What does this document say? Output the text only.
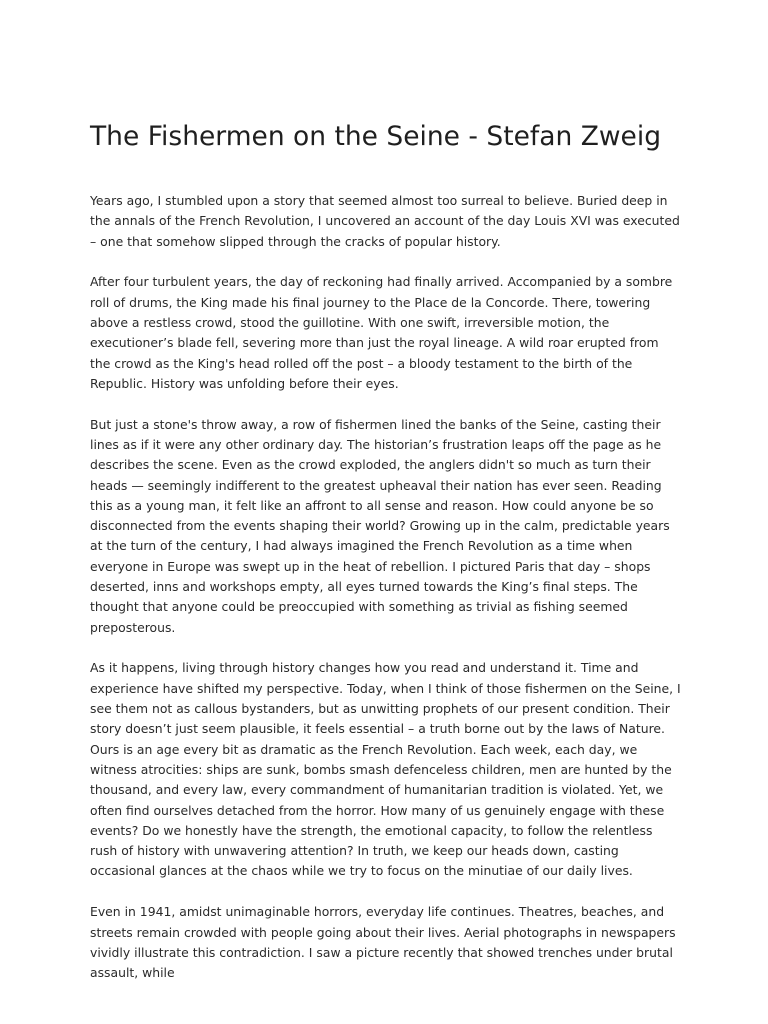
The Fishermen on the Seine - Stefan Zweig

Years ago, I stumbled upon a story that seemed almost too surreal to believe. Buried deep in the annals of the French Revolution, I uncovered an account of the day Louis XVI was executed – one that somehow slipped through the cracks of popular history.

After four turbulent years, the day of reckoning had finally arrived. Accompanied by a sombre roll of drums, the King made his final journey to the Place de la Concorde. There, towering above a restless crowd, stood the guillotine. With one swift, irreversible motion, the executioner’s blade fell, severing more than just the royal lineage. A wild roar erupted from the crowd as the King's head rolled off the post – a bloody testament to the birth of the Republic. History was unfolding before their eyes.

But just a stone's throw away, a row of fishermen lined the banks of the Seine, casting their lines as if it were any other ordinary day. The historian’s frustration leaps off the page as he describes the scene. Even as the crowd exploded, the anglers didn't so much as turn their heads — seemingly indifferent to the greatest upheaval their nation has ever seen. Reading this as a young man, it felt like an affront to all sense and reason. How could anyone be so disconnected from the events shaping their world? Growing up in the calm, predictable years at the turn of the century, I had always imagined the French Revolution as a time when everyone in Europe was swept up in the heat of rebellion. I pictured Paris that day – shops deserted, inns and workshops empty, all eyes turned towards the King’s final steps. The thought that anyone could be preoccupied with something as trivial as fishing seemed preposterous.

As it happens, living through history changes how you read and understand it. Time and experience have shifted my perspective. Today, when I think of those fishermen on the Seine, I see them not as callous bystanders, but as unwitting prophets of our present condition. Their story doesn’t just seem plausible, it feels essential – a truth borne out by the laws of Nature. Ours is an age every bit as dramatic as the French Revolution. Each week, each day, we witness atrocities: ships are sunk, bombs smash defenceless children, men are hunted by the thousand, and every law, every commandment of humanitarian tradition is violated. Yet, we often find ourselves detached from the horror. How many of us genuinely engage with these events? Do we honestly have the strength, the emotional capacity, to follow the relentless rush of history with unwavering attention? In truth, we keep our heads down, casting occasional glances at the chaos while we try to focus on the minutiae of our daily lives.

Even in 1941, amidst unimaginable horrors, everyday life continues. Theatres, beaches, and streets remain crowded with people going about their lives. Aerial photographs in newspapers vividly illustrate this contradiction. I saw a picture recently that showed trenches under brutal assault, while
